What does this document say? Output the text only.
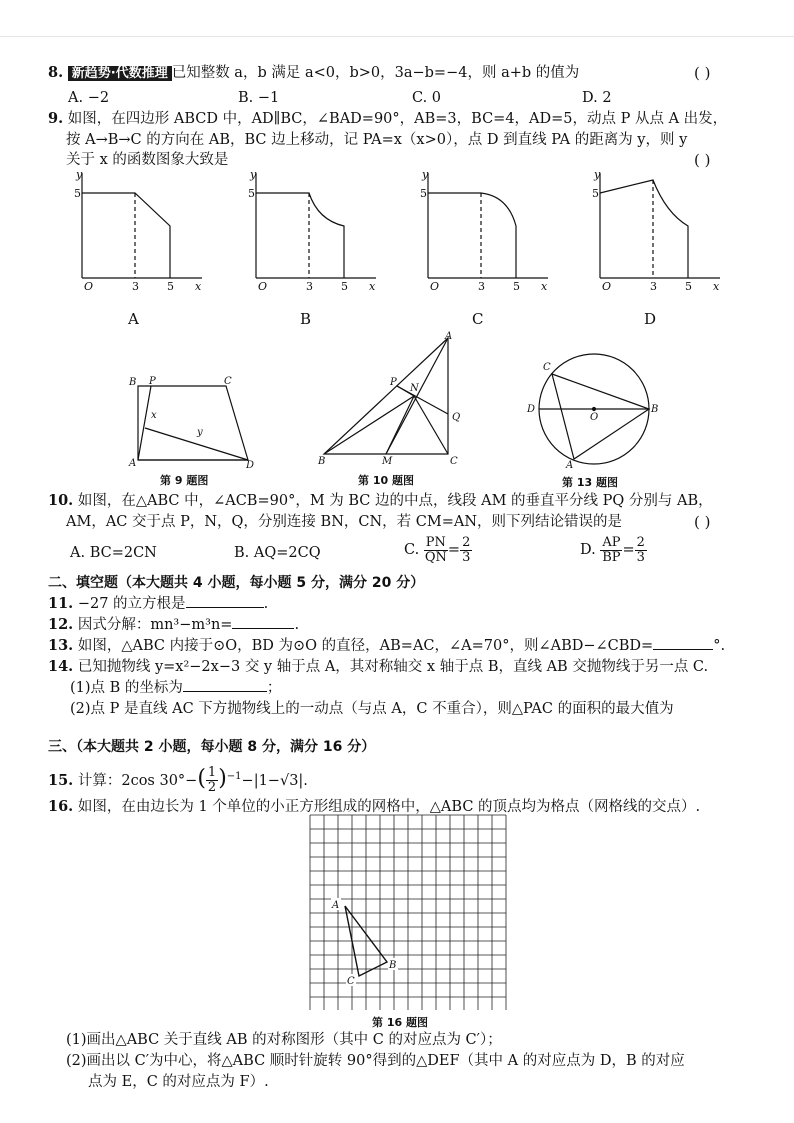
8. 新趋势·代数推理 已知整数 a，b 满足 a<0，b>0，3a−b=−4，则 a+b 的值为	( )
A. −2	B. −1	C. 0	D. 2
9. 如图，在四边形 ABCD 中，AD∥BC，∠BAD=90°，AB=3，BC=4，AD=5，动点 P 从点 A 出发，
按 A→B→C 的方向在 AB，BC 边上移动，记 PA=x（x>0），点 D 到直线 PA 的距离为 y，则 y
关于 x 的函数图象大致是	( )
y
x
O
5
3	5
y
x
O
5
3	5
y
x
O
5
3	5
y
x
O
5
3	5
A	B	C	D
B P	C
A	D
x
y
第 9 题图
A
P
N
Q
B	M	C
第 10 题图
C
D
O
B
A
第 13 题图
10. 如图，在△ABC 中，∠ACB=90°，M 为 BC 边的中点，线段 AM 的垂直平分线 PQ 分别与 AB，
AM，AC 交于点 P，N，Q，分别连接 BN，CN，若 CM=AN，则下列结论错误的是	( )
A. BC=2CN	B. AQ=2CQ	C. $\frac{PN}{QN} = \frac{2}{3}$	D. $\frac{AP}{BP} = \frac{2}{3}$
二、填空题（本大题共 4 小题，每小题 5 分，满分 20 分）
11. −27 的立方根是	.
12. 因式分解：mn³−m³n=	.
13. 如图，△ABC 内接于⊙O，BD 为⊙O 的直径，AB=AC，∠A=70°，则∠ABD−∠CBD=	°.
14. 已知抛物线 y=x²−2x−3 交 y 轴于点 A，其对称轴交 x 轴于点 B，直线 AB 交抛物线于另一点 C.
(1)点 B 的坐标为	；
(2)点 P 是直线 AC 下方抛物线上的一动点（与点 A，C 不重合），则△PAC 的面积的最大值为
三、（本大题共 2 小题，每小题 8 分，满分 16 分）
15. 计算：2cos $30^\circ-( \frac{1}{2} )^{-1}-|1-√3|$.
16. 如图，在由边长为 1 个单位的小正方形组成的网格中，△ABC 的顶点均为格点（网格线的交点）.
A
B
C
第 16 题图
(1)画出△ABC 关于直线 AB 的对称图形（其中 C 的对应点为 C′）；
(2)画出以 C′为中心，将△ABC 顺时针旋转 90°得到的△DEF（其中 A 的对应点为 D，B 的对应
点为 E，C 的对应点为 F）.
